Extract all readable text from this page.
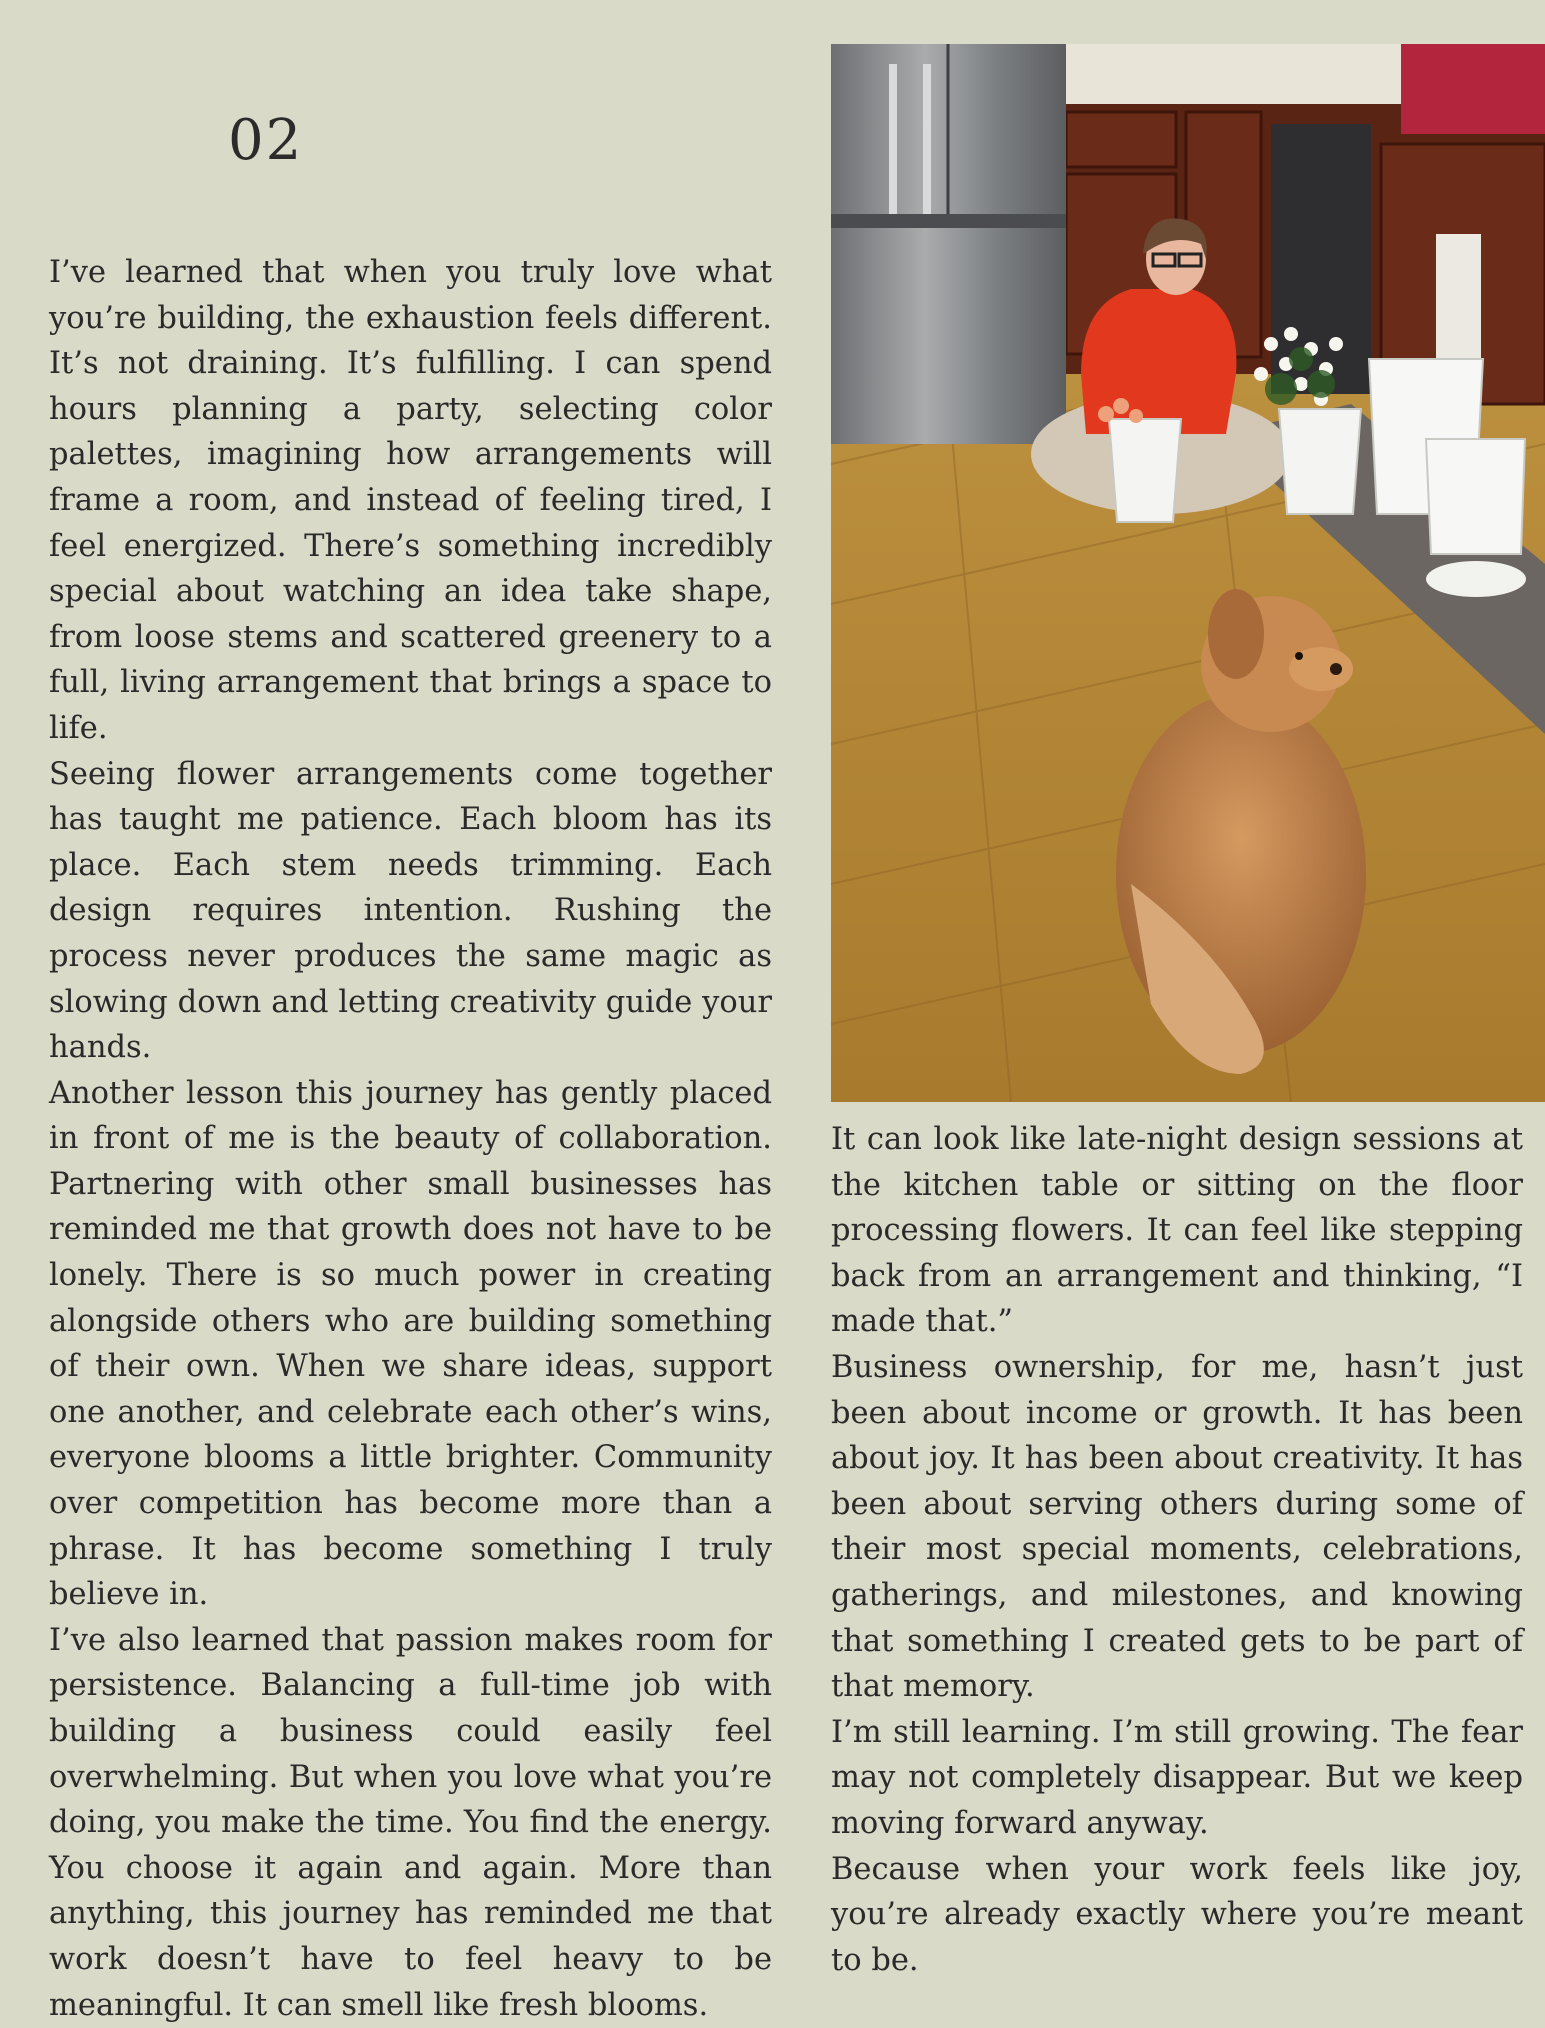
02

I’ve learned that when you truly love what you’re building, the exhaustion feels different. It’s not draining. It’s fulfilling. I can spend hours planning a party, selecting color palettes, imagining how arrangements will frame a room, and instead of feeling tired, I feel energized. There’s something incredibly special about watching an idea take shape, from loose stems and scattered greenery to a full, living arrangement that brings a space to life.

Seeing flower arrangements come together has taught me patience. Each bloom has its place. Each stem needs trimming. Each design requires intention. Rushing the process never produces the same magic as slowing down and letting creativity guide your hands.

Another lesson this journey has gently placed in front of me is the beauty of collaboration. Partnering with other small businesses has reminded me that growth does not have to be lonely. There is so much power in creating alongside others who are building something of their own. When we share ideas, support one another, and celebrate each other’s wins, everyone blooms a little brighter. Community over competition has become more than a phrase. It has become something I truly believe in.

I’ve also learned that passion makes room for persistence. Balancing a full-time job with building a business could easily feel overwhelming. But when you love what you’re doing, you make the time. You find the energy. You choose it again and again. More than anything, this journey has reminded me that work doesn’t have to feel heavy to be meaningful. It can smell like fresh blooms.

It can look like late-night design sessions at the kitchen table or sitting on the floor processing flowers. It can feel like stepping back from an arrangement and thinking, “I made that.”

Business ownership, for me, hasn’t just been about income or growth. It has been about joy. It has been about creativity. It has been about serving others during some of their most special moments, celebrations, gatherings, and milestones, and knowing that something I created gets to be part of that memory.

I’m still learning. I’m still growing. The fear may not completely disappear. But we keep moving forward anyway.

Because when your work feels like joy, you’re already exactly where you’re meant to be.
